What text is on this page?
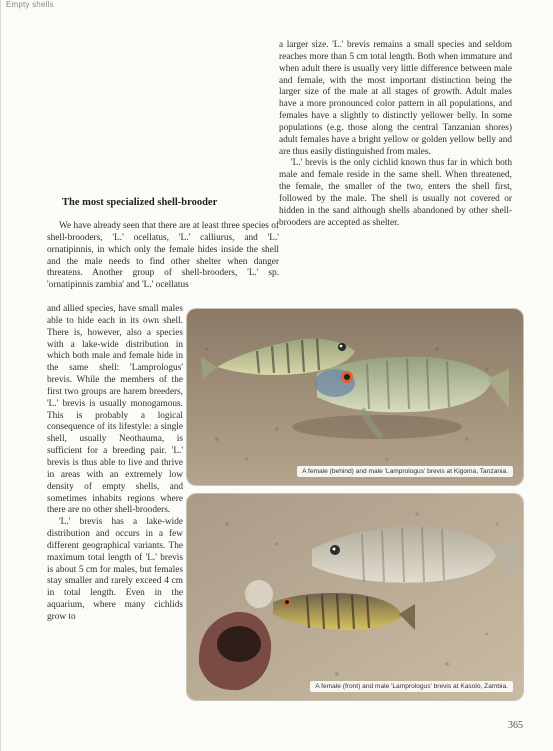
Empty shells

a larger size. 'L.' brevis remains a small species and seldom reaches more than 5 cm total length. Both when immature and when adult there is usually very little difference between male and female, with the most important distinction being the larger size of the male at all stages of growth. Adult males have a more pronounced color pattern in all populations, and females have a slightly to distinctly yellower belly. In some populations (e.g. those along the central Tanzanian shores) adult females have a bright yellow or golden yellow belly and are thus easily distinguished from males.

'L.' brevis is the only cichlid known thus far in which both male and female reside in the same shell. When threatened, the female, the smaller of the two, enters the shell first, followed by the male. The shell is usually not covered or hidden in the sand although shells abandoned by other shell-brooders are accepted as shelter.

The most specialized shell-brooder

We have already seen that there are at least three species of shell-brooders, 'L.' ocellatus, 'L.' calliurus, and 'L.' ornatipinnis, in which only the female hides inside the shell and the male needs to find other shelter when danger threatens. Another group of shell-brooders, 'L.' sp. 'ornatipinnis zambia' and 'L.' ocellatus

and allied species, have small males able to hide each in its own shell. There is, however, also a species with a lake-wide distribution in which both male and female hide in the same shell: 'Lamprologus' brevis. While the members of the first two groups are harem breeders, 'L.' brevis is usually monogamous. This is probably a logical consequence of its lifestyle: a single shell, usually Neothauma, is sufficient for a breeding pair. 'L.' brevis is thus able to live and thrive in areas with an extremely low density of empty shells, and sometimes inhabits regions where there are no other shell-brooders.

'L.' brevis has a lake-wide distribution and occurs in a few different geographical variants. The maximum total length of 'L.' brevis is about 5 cm for males, but females stay smaller and rarely exceed 4 cm in total length. Even in the aquarium, where many cichlids grow to

A female (behind) and male 'Lamprologus' brevis at Kigoma, Tanzania.
A female (front) and male 'Lamprologus' brevis at Kasolo, Zambia.
365
